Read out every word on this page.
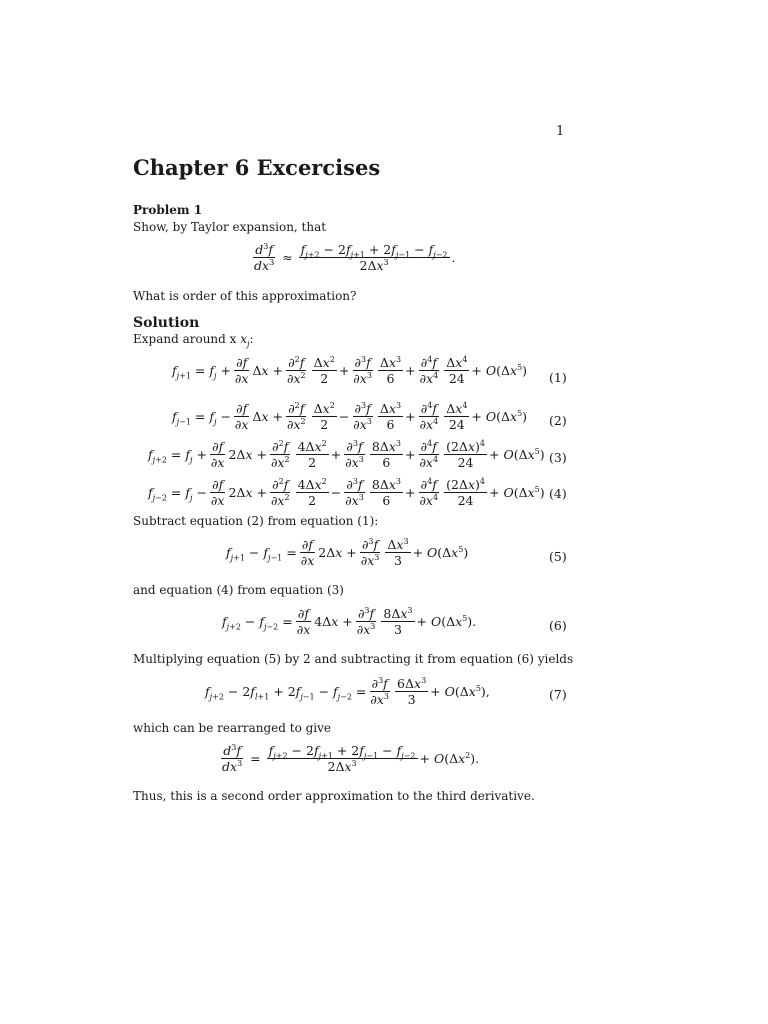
1
Chapter 6 Excercises
Problem 1
Show, by Taylor expansion, that
$\frac{d^3f}{dx^3} \approx \frac{f_{j+2} - 2f_{j+1} + 2f_{j-1} - f_{j-2}}{2\Delta x^3}$ .
What is order of this approximation?
Solution
Expand around x $x_j$:
$f_{j+1} = f_j + \frac{\partial f}{\partial x}$ $\Delta x + \frac{\partial^2f}{\partial x^2} \frac{\Delta x^2}{2} + \frac{\partial^3f}{\partial x^3} \frac{\Delta x^3}{6} + \frac{\partial^4f}{\partial x^4} \frac{\Delta x^4}{24} + O(\Delta x^5)$ (1)
$f_{j-1} = f_j - \frac{\partial f}{\partial x}$ $\Delta x + \frac{\partial^2f}{\partial x^2} \frac{\Delta x^2}{2} - \frac{\partial^3f}{\partial x^3} \frac{\Delta x^3}{6} + \frac{\partial^4f}{\partial x^4} \frac{\Delta x^4}{24} + O(\Delta x^5)$ (2)
$f_{j+2} = f_j + \frac{\partial f}{\partial x} 2\Delta x + \frac{\partial^2f}{\partial x^2} \frac{4\Delta x^2}{2} + \frac{\partial^3f}{\partial x^3} \frac{8\Delta x^3}{6} + \frac{\partial^4f}{\partial x^4} \frac{(2\Delta x)^4}{24} + O(\Delta x^5)$ (3)
$f_{j-2} = f_j - \frac{\partial f}{\partial x} 2\Delta x + \frac{\partial^2f}{\partial x^2} \frac{4\Delta x^2}{2} - \frac{\partial^3f}{\partial x^3} \frac{8\Delta x^3}{6} + \frac{\partial^4f}{\partial x^4} \frac{(2\Delta x)^4}{24} + O(\Delta x^5)$ (4)
Subtract equation (2) from equation (1):
$f_{j+1} - f_{j-1} = \frac{\partial f}{\partial x} 2\Delta x + \frac{\partial^3f}{\partial x^3} \frac{\Delta x^3}{3} + O(\Delta x^5)$	(5)
and equation (4) from equation (3)
$f_{j+2} - f_{j-2} = \frac{\partial f}{\partial x} 4\Delta x + \frac{\partial^3f}{\partial x^3} \frac{8\Delta x^3}{3} + O(\Delta x^5)$.	(6)
Multiplying equation (5) by 2 and subtracting it from equation (6) yields
$f_{j+2} - 2f_{l+1} + 2f_{j-1} - f_{j-2} = \frac{\partial^3f}{\partial x^3} \frac{6\Delta x^3}{3} + O(\Delta x^5)$,	(7)
which can be rearranged to give
$\frac{d^3f}{dx^3} = \frac{f_{j+2} - 2f_{j+1} + 2f_{j-1} - f_{j-2}}{2\Delta x^3} + O(\Delta x^2)$.
Thus, this is a second order approximation to the third derivative.
